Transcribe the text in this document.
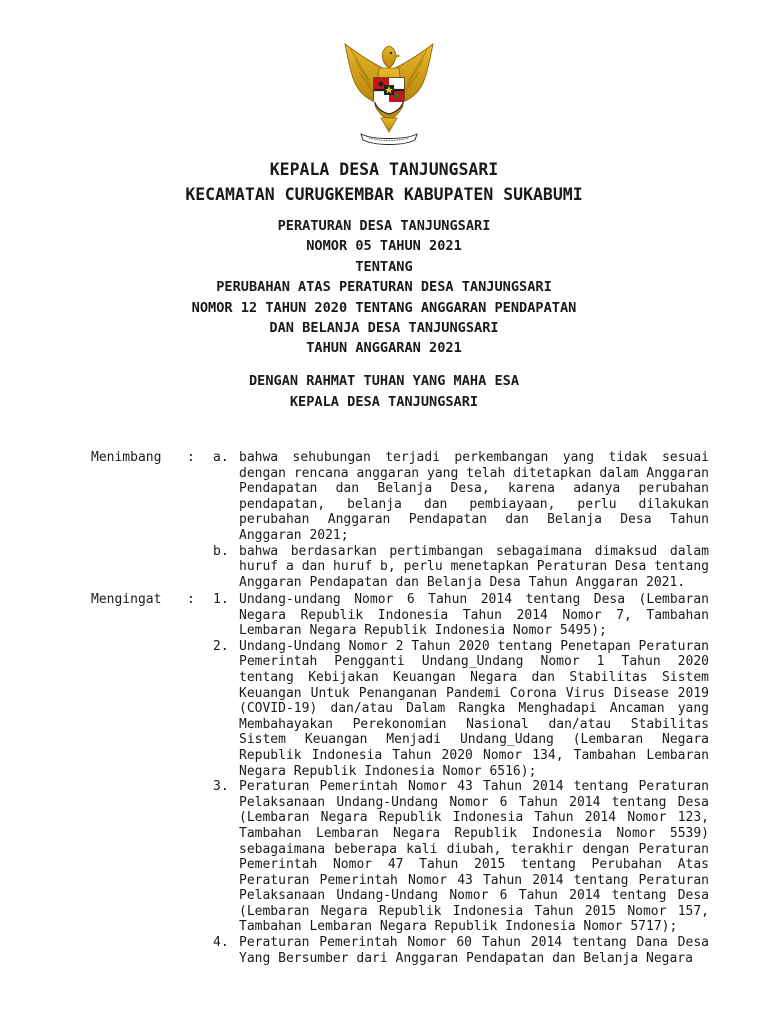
KEPALA DESA TANJUNGSARI
KECAMATAN CURUGKEMBAR KABUPATEN SUKABUMI
PERATURAN DESA TANJUNGSARI
NOMOR 05 TAHUN 2021
TENTANG
PERUBAHAN ATAS PERATURAN DESA TANJUNGSARI
NOMOR 12 TAHUN 2020 TENTANG ANGGARAN PENDAPATAN
DAN BELANJA DESA TANJUNGSARI
TAHUN ANGGARAN 2021
DENGAN RAHMAT TUHAN YANG MAHA ESA
KEPALA DESA TANJUNGSARI
Menimbang	: a. bahwa sehubungan terjadi perkembangan yang tidak sesuai dengan rencana anggaran yang telah ditetapkan dalam Anggaran Pendapatan dan Belanja Desa, karena adanya perubahan pendapatan, belanja dan pembiayaan, perlu dilakukan perubahan Anggaran Pendapatan dan Belanja Desa Tahun Anggaran 2021;
b. bahwa berdasarkan pertimbangan sebagaimana dimaksud dalam huruf a dan huruf b, perlu menetapkan Peraturan Desa tentang Anggaran Pendapatan dan Belanja Desa Tahun Anggaran 2021.
Mengingat	: 1. Undang-undang Nomor 6 Tahun 2014 tentang Desa (Lembaran Negara Republik Indonesia Tahun 2014 Nomor 7, Tambahan Lembaran Negara Republik Indonesia Nomor 5495);
2. Undang-Undang Nomor 2 Tahun 2020 tentang Penetapan Peraturan Pemerintah Pengganti Undang_Undang Nomor 1 Tahun 2020 tentang Kebijakan Keuangan Negara dan Stabilitas Sistem Keuangan Untuk Penanganan Pandemi Corona Virus Disease 2019 (COVID-19) dan/atau Dalam Rangka Menghadapi Ancaman yang Membahayakan Perekonomian Nasional dan/atau Stabilitas Sistem Keuangan Menjadi Undang_Udang (Lembaran Negara Republik Indonesia Tahun 2020 Nomor 134, Tambahan Lembaran Negara Republik Indonesia Nomor 6516);
3. Peraturan Pemerintah Nomor 43 Tahun 2014 tentang Peraturan Pelaksanaan Undang-Undang Nomor 6 Tahun 2014 tentang Desa (Lembaran Negara Republik Indonesia Tahun 2014 Nomor 123, Tambahan Lembaran Negara Republik Indonesia Nomor 5539) sebagaimana beberapa kali diubah, terakhir dengan Peraturan Pemerintah Nomor 47 Tahun 2015 tentang Perubahan Atas Peraturan Pemerintah Nomor 43 Tahun 2014 tentang Peraturan Pelaksanaan Undang-Undang Nomor 6 Tahun 2014 tentang Desa (Lembaran Negara Republik Indonesia Tahun 2015 Nomor 157, Tambahan Lembaran Negara Republik Indonesia Nomor 5717);
4. Peraturan Pemerintah Nomor 60 Tahun 2014 tentang Dana Desa Yang Bersumber dari Anggaran Pendapatan dan Belanja Negara
